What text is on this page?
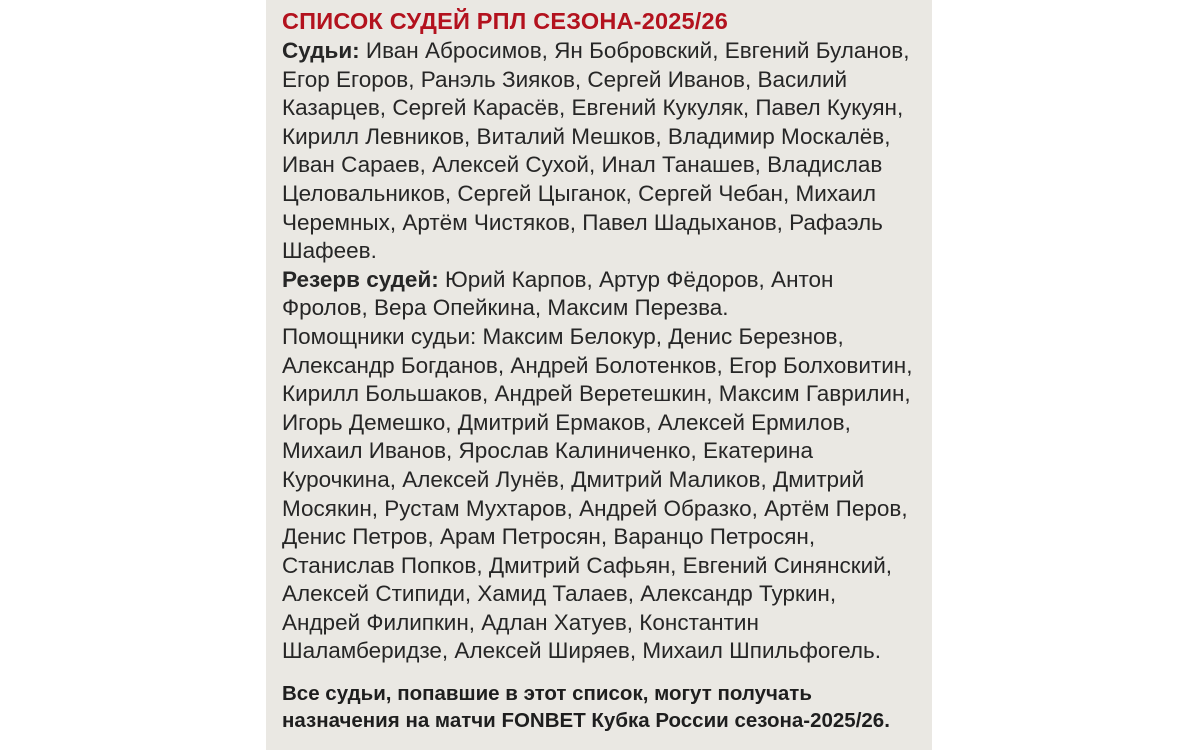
СПИСОК СУДЕЙ РПЛ СЕЗОНА-2025/26

Судьи: Иван Абросимов, Ян Бобровский, Евгений Буланов, Егор Егоров, Ранэль Зияков, Сергей Иванов, Василий Казарцев, Сергей Карасёв, Евгений Кукуляк, Павел Кукуян, Кирилл Левников, Виталий Мешков, Владимир Москалёв, Иван Сараев, Алексей Сухой, Инал Танашев, Владислав Целовальников, Сергей Цыганок, Сергей Чебан, Михаил Черемных, Артём Чистяков, Павел Шадыханов, Рафаэль Шафеев.

Резерв судей: Юрий Карпов, Артур Фёдоров, Антон Фролов, Вера Опейкина, Максим Перезва.

Помощники судьи: Максим Белокур, Денис Березнов, Александр Богданов, Андрей Болотенков, Егор Болховитин, Кирилл Большаков, Андрей Веретешкин, Максим Гаврилин, Игорь Демешко, Дмитрий Ермаков, Алексей Ермилов, Михаил Иванов, Ярослав Калиниченко, Екатерина Курочкина, Алексей Лунёв, Дмитрий Маликов, Дмитрий Мосякин, Рустам Мухтаров, Андрей Образко, Артём Перов, Денис Петров, Арам Петросян, Варанцо Петросян, Станислав Попков, Дмитрий Сафьян, Евгений Синянский, Алексей Стипиди, Хамид Талаев, Александр Туркин, Андрей Филипкин, Адлан Хатуев, Константин Шаламберидзе, Алексей Ширяев, Михаил Шпильфогель.

Все судьи, попавшие в этот список, могут получать
назначения на матчи FONBET Кубка России сезона-2025/26.
